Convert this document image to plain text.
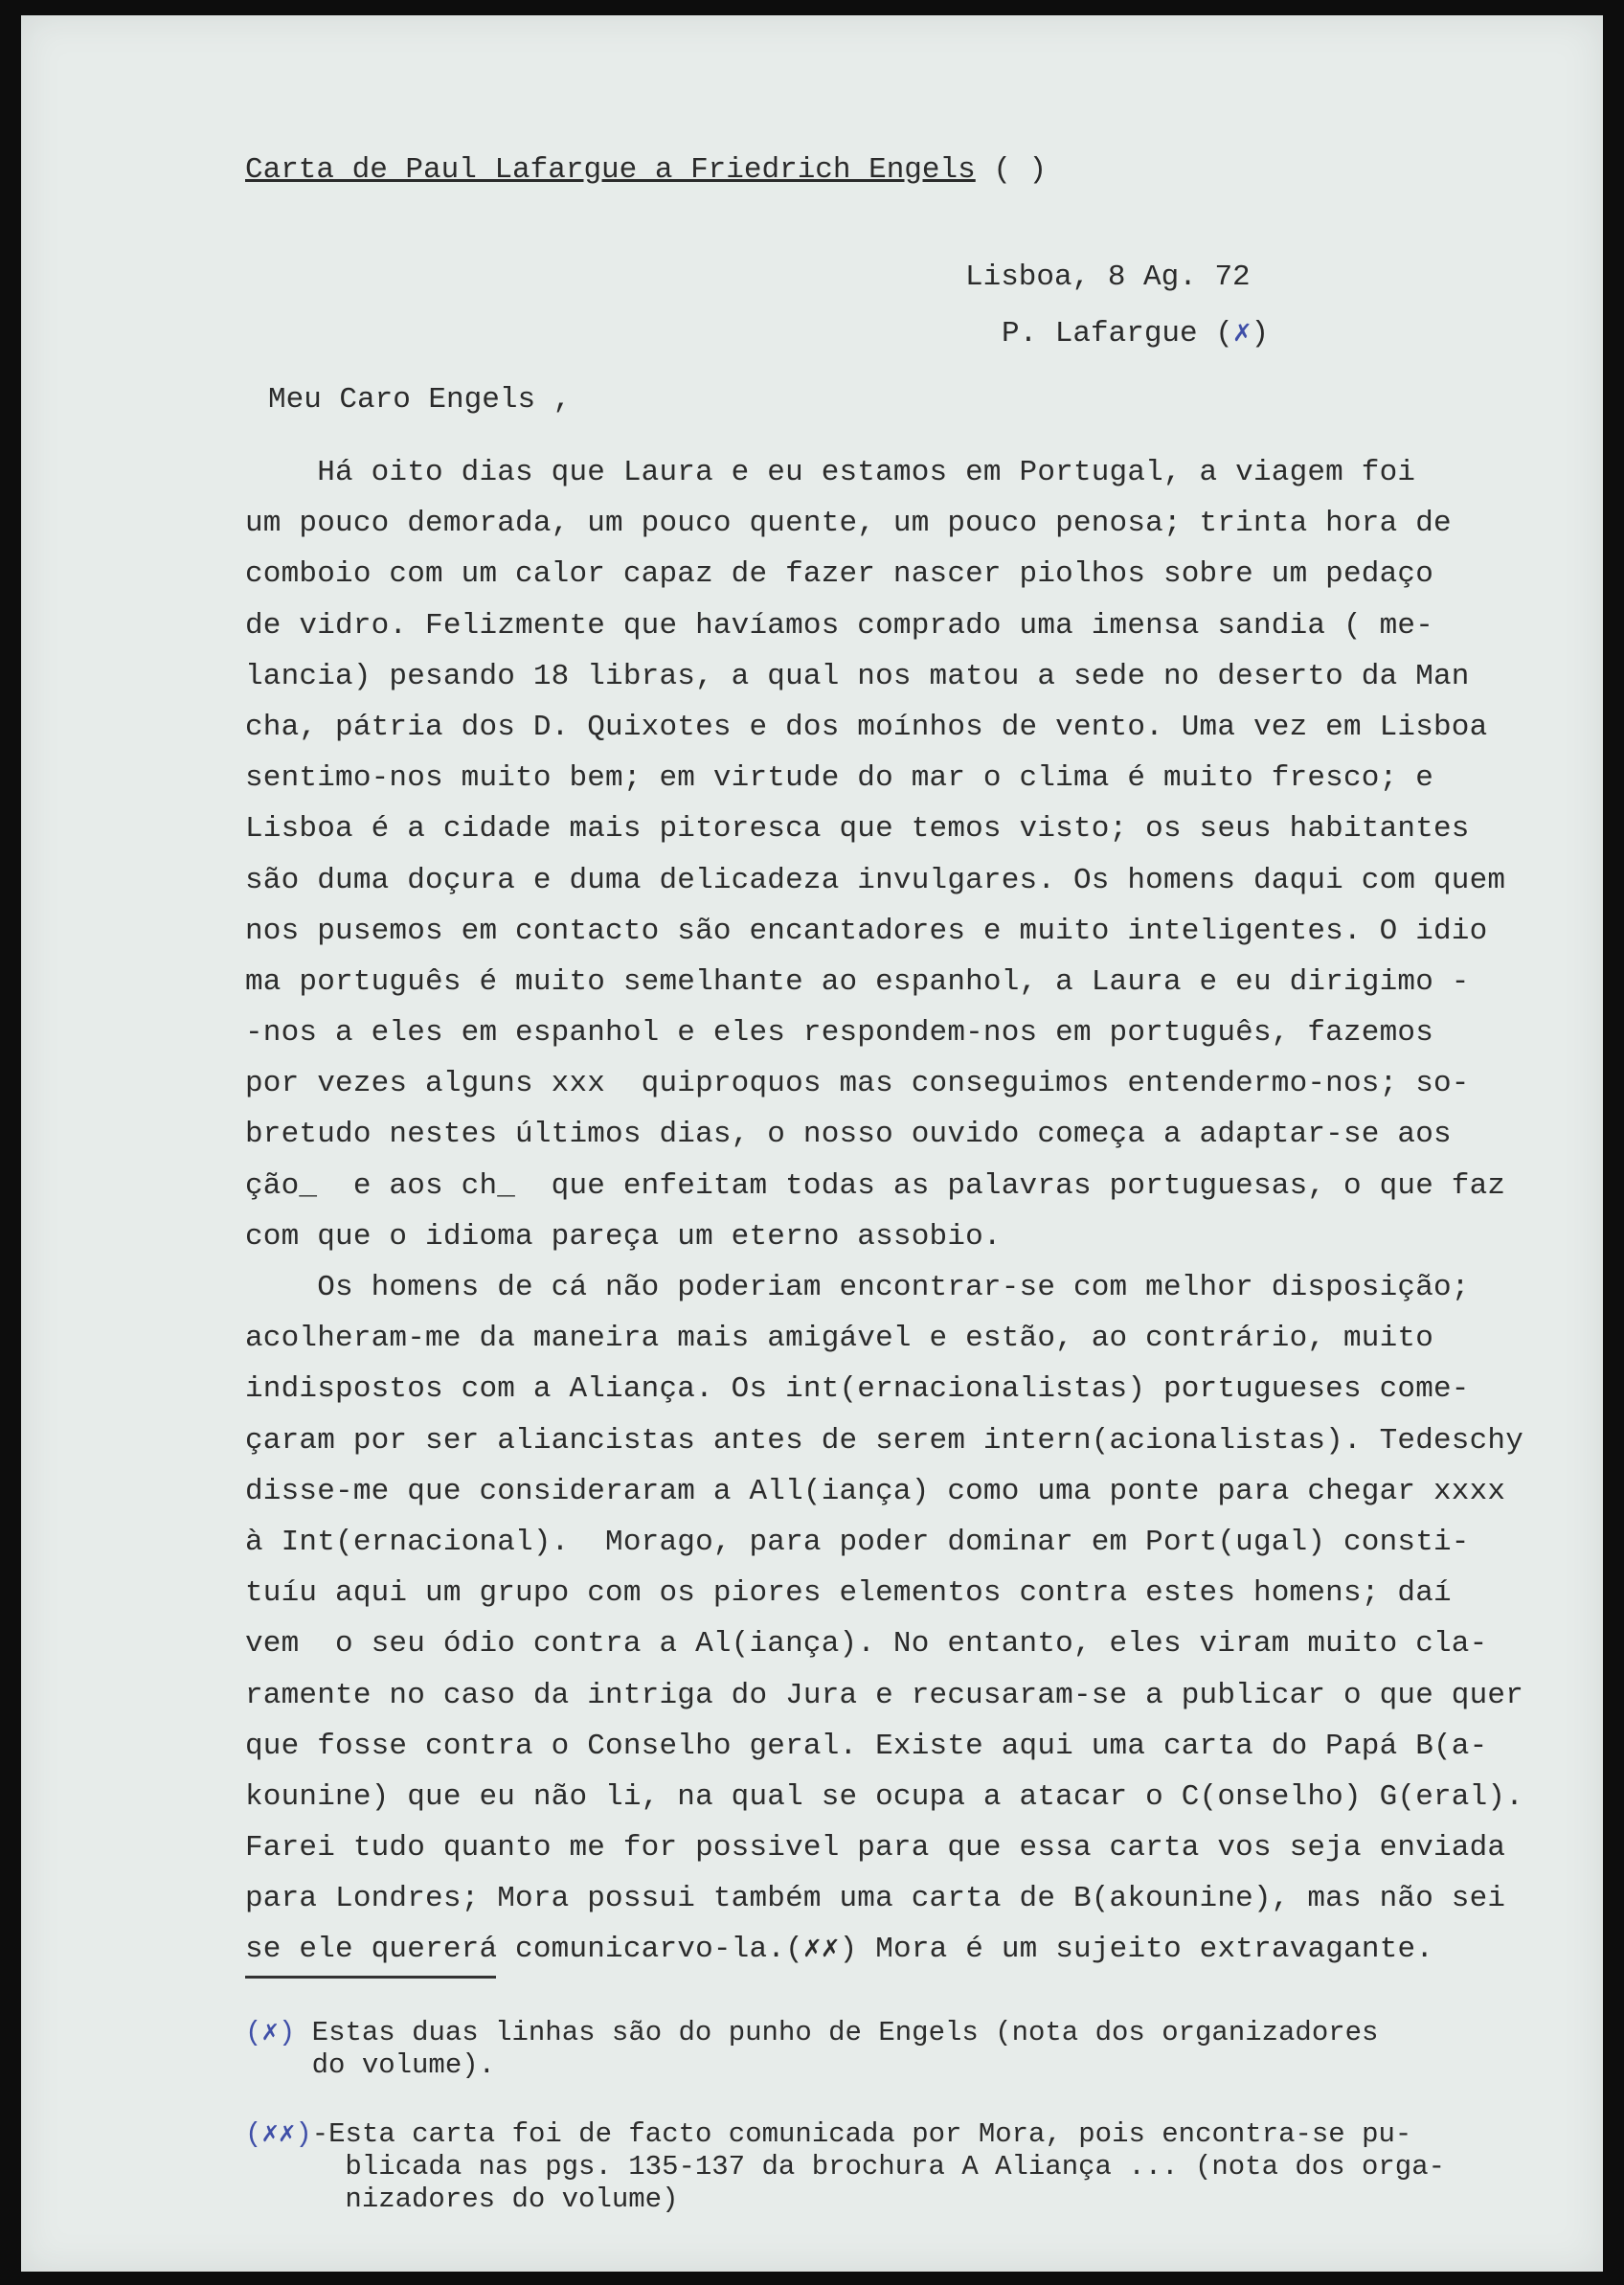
Carta de Paul Lafargue a Friedrich Engels ( )
Lisboa, 8 Ag. 72
P. Lafargue (✗)
Meu Caro Engels ,
Há oito dias que Laura e eu estamos em Portugal, a viagem foi
um pouco demorada, um pouco quente, um pouco penosa; trinta hora de
comboio com um calor capaz de fazer nascer piolhos sobre um pedaço
de vidro. Felizmente que havíamos comprado uma imensa sandia ( me-
lancia) pesando 18 libras, a qual nos matou a sede no deserto da Man
cha, pátria dos D. Quixotes e dos moínhos de vento. Uma vez em Lisboa
sentimo-nos muito bem; em virtude do mar o clima é muito fresco; e
Lisboa é a cidade mais pitoresca que temos visto; os seus habitantes
são duma doçura e duma delicadeza invulgares. Os homens daqui com quem
nos pusemos em contacto são encantadores e muito inteligentes. O idio
ma português é muito semelhante ao espanhol, a Laura e eu dirigimo -
-nos a eles em espanhol e eles respondem-nos em português, fazemos
por vezes alguns xxx  quiproquos mas conseguimos entendermo-nos; so-
bretudo nestes últimos dias, o nosso ouvido começa a adaptar-se aos
ção_  e aos ch_  que enfeitam todas as palavras portuguesas, o que faz
com que o idioma pareça um eterno assobio.
Os homens de cá não poderiam encontrar-se com melhor disposição;
acolheram-me da maneira mais amigável e estão, ao contrário, muito
indispostos com a Aliança. Os int(ernacionalistas) portugueses come-
çaram por ser aliancistas antes de serem intern(acionalistas). Tedeschy
disse-me que consideraram a All(iança) como uma ponte para chegar xxxx
à Int(ernacional).  Morago, para poder dominar em Port(ugal) consti-
tuíu aqui um grupo com os piores elementos contra estes homens; daí
vem  o seu ódio contra a Al(iança). No entanto, eles viram muito cla-
ramente no caso da intriga do Jura e recusaram-se a publicar o que quer
que fosse contra o Conselho geral. Existe aqui uma carta do Papá B(a-
kounine) que eu não li, na qual se ocupa a atacar o C(onselho) G(eral).
Farei tudo quanto me for possivel para que essa carta vos seja enviada
para Londres; Mora possui também uma carta de B(akounine), mas não sei
se ele quererá comunicarvo-la.(✗✗) Mora é um sujeito extravagante.
(✗) Estas duas linhas são do punho de Engels (nota dos organizadores
do volume).
(✗✗)-Esta carta foi de facto comunicada por Mora, pois encontra-se pu-
blicada nas pgs. 135-137 da brochura A Aliança ... (nota dos orga-
nizadores do volume)
